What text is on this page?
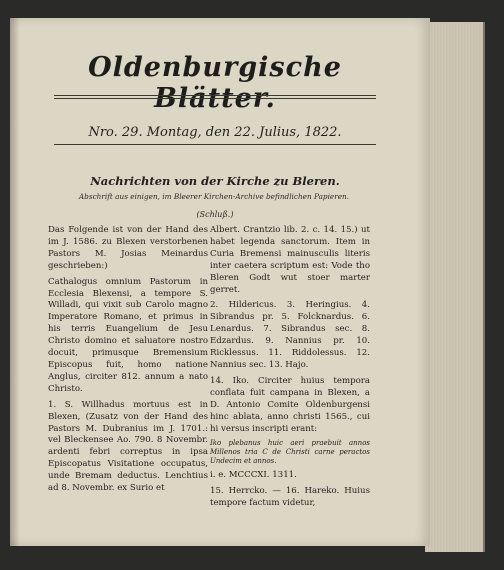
Oldenburgische
Nro. 29. Montag, den 22. Julius, 1822.
Nachrichten von der Kirche zu Bleren.
Abschrift aus einigen, im Bleerer Kirchen-Archive befindlichen Papieren.
(Schluß.)

Das Folgende ist von der Hand des im J. 1586. zu Blexen verstorbenen Pastors M. Josias Meinardus geschrieben:)

Cathalogus omnium Pastorum in Ecclesia Blexensi, a tempore S. Willadi, qui vixit sub Carolo magno Imperatore Romano, et primus in his terris Euangelium de Jesu Christo domino et saluatore nostro docuit, primusque Bremensium Episcopus fuit, homo natione Anglus, circiter 812. annum a nato Christo.

1. S. Willhadus mortuus est in Blexen, (Zusatz von der Hand des Pastors M. Dubranius im J. 1701.: vel Bleckensee Ao. 790. 8 Novembr. ardenti febri correptus in ipsa Episcopatus Visitatione occupatus, unde Bremam deductus. Lenchtius ad 8. Novembr. ex Surio et

Albert. Crantzio lib. 2. c. 14. 15.) ut habet legenda sanctorum. Item in Curia Bremensi mainusculis literis inter caetera scriptum est: Vode tho Bleren Godt wut stoer marter gerret.

2. Hildericus. 3. Heringius. 4. Sibrandus pr. 5. Folcknardus. 6. Lenardus. 7. Sibrandus sec. 8. Edzardus. 9. Nannius pr. 10. Ricklessus. 11. Riddolessus. 12. Nannius sec. 13. Hajo.

14. Iko. Circiter huius tempora conflata fuit campana in Blexen, a D. Antonio Comite Oldenburgensi hinc ablata, anno christi 1565., cui hi versus inscripti erant:

Iko plebanus huic aeri praebuit annos Millenos tria C de Christi carne peractos Undecim et annos.

i. e. MCCCXI. 1311.

15. Herrcko. — 16. Hareko. Huius tempore factum videtur,
